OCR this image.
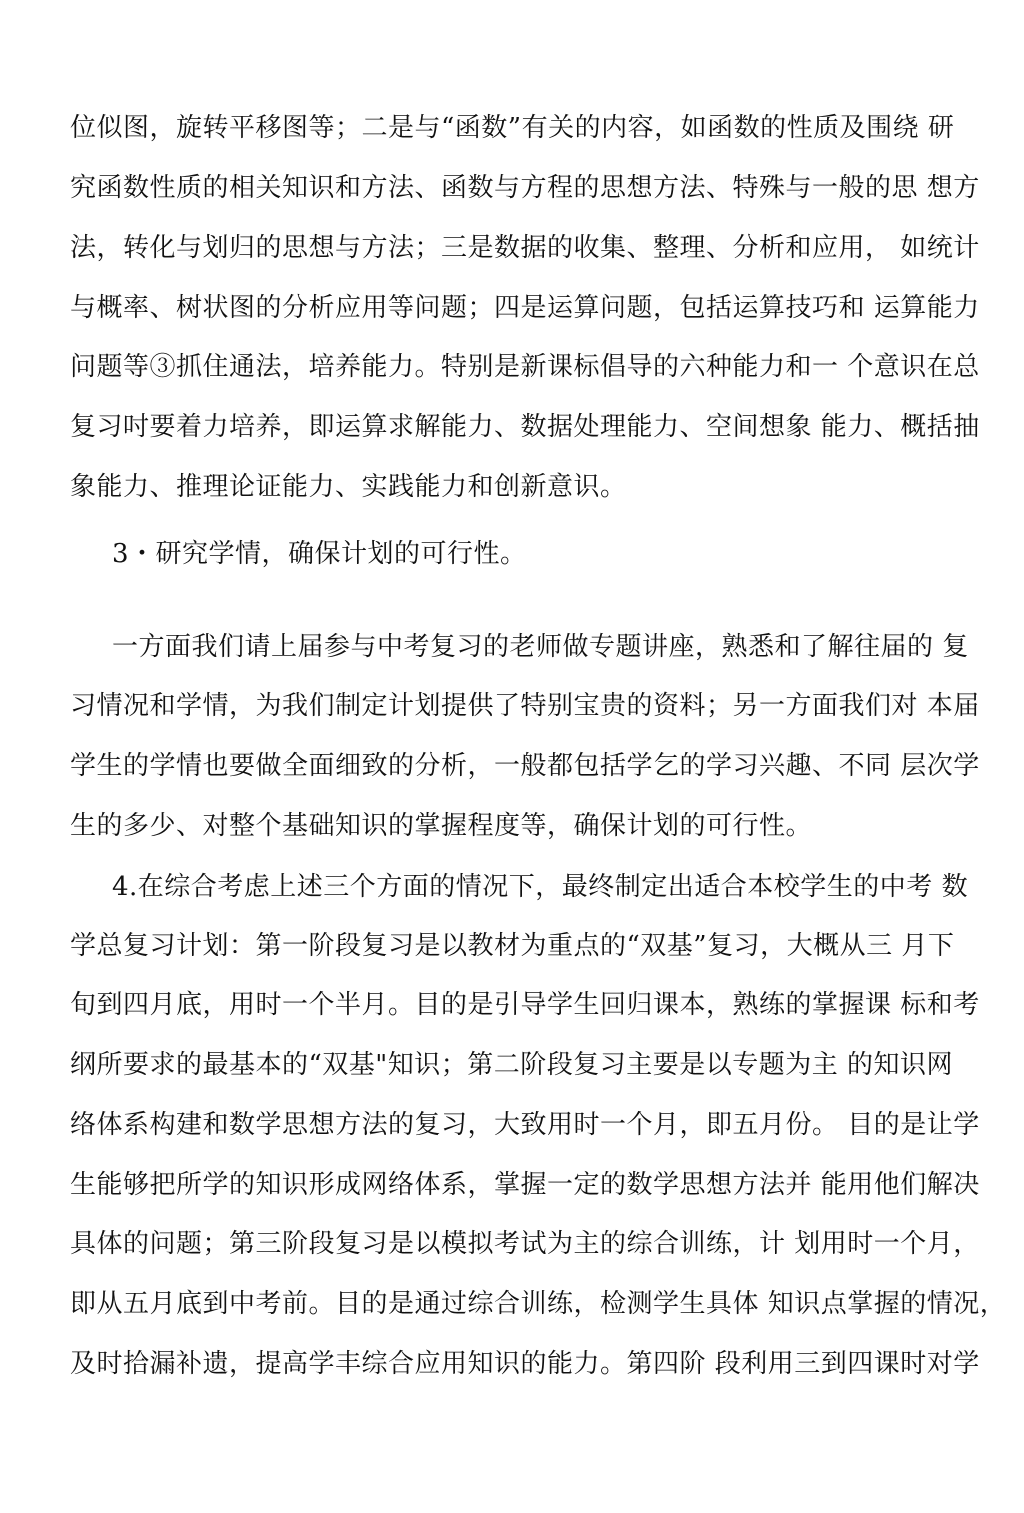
位似图，旋转平移图等；二是与“函数”有关的内容，如函数的性质及围绕 研
究函数性质的相关知识和方法、函数与方程的思想方法、特殊与一般的思 想方
法，转化与划归的思想与方法；三是数据的收集、整理、分析和应用， 如统计
与概率、树状图的分析应用等问题；四是运算问题，包括运算技巧和 运算能力
问题等③抓住通法，培养能力。特别是新课标倡导的六种能力和一 个意识在总
复习吋要着力培养，即运算求解能力、数据处理能力、空间想象 能力、概括抽
象能力、推理论证能力、实践能力和创新意识。
3・研究学情，确保计划的可行性。
一方面我们请上届参与中考复习的老师做专题讲座，熟悉和了解往届的 复
习情况和学情，为我们制定计划提供了特别宝贵的资料；另一方面我们对 本届
学生的学情也要做全面细致的分析，一般都包括学乞的学习兴趣、不同 层次学
生的多少、对整个基础知识的掌握程度等，确保计划的可行性。
4.在综合考虑上述三个方面的情况下，最终制定出适合本校学生的中考 数
学总复习计划：第一阶段复习是以教材为重点的“双基”复习，大概从三 月下
旬到四月底，用时一个半月。目的是引导学生回归课本，熟练的掌握课 标和考
纲所要求的最基本的“双基"知识；第二阶段复习主要是以专题为主 的知识网
络体系构建和数学思想方法的复习，大致用时一个月，即五月份。 目的是让学
生能够把所学的知识形成网络体系，掌握一定的数学思想方法并 能用他们解决
具体的问题；第三阶段复习是以模拟考试为主的综合训练，计 划用时一个月，
即从五月底到中考前。目的是通过综合训练，检测学生具体 知识点掌握的情况，
及时拾漏补遗，提高学丰综合应用知识的能力。第四阶 段利用三到四课时对学
